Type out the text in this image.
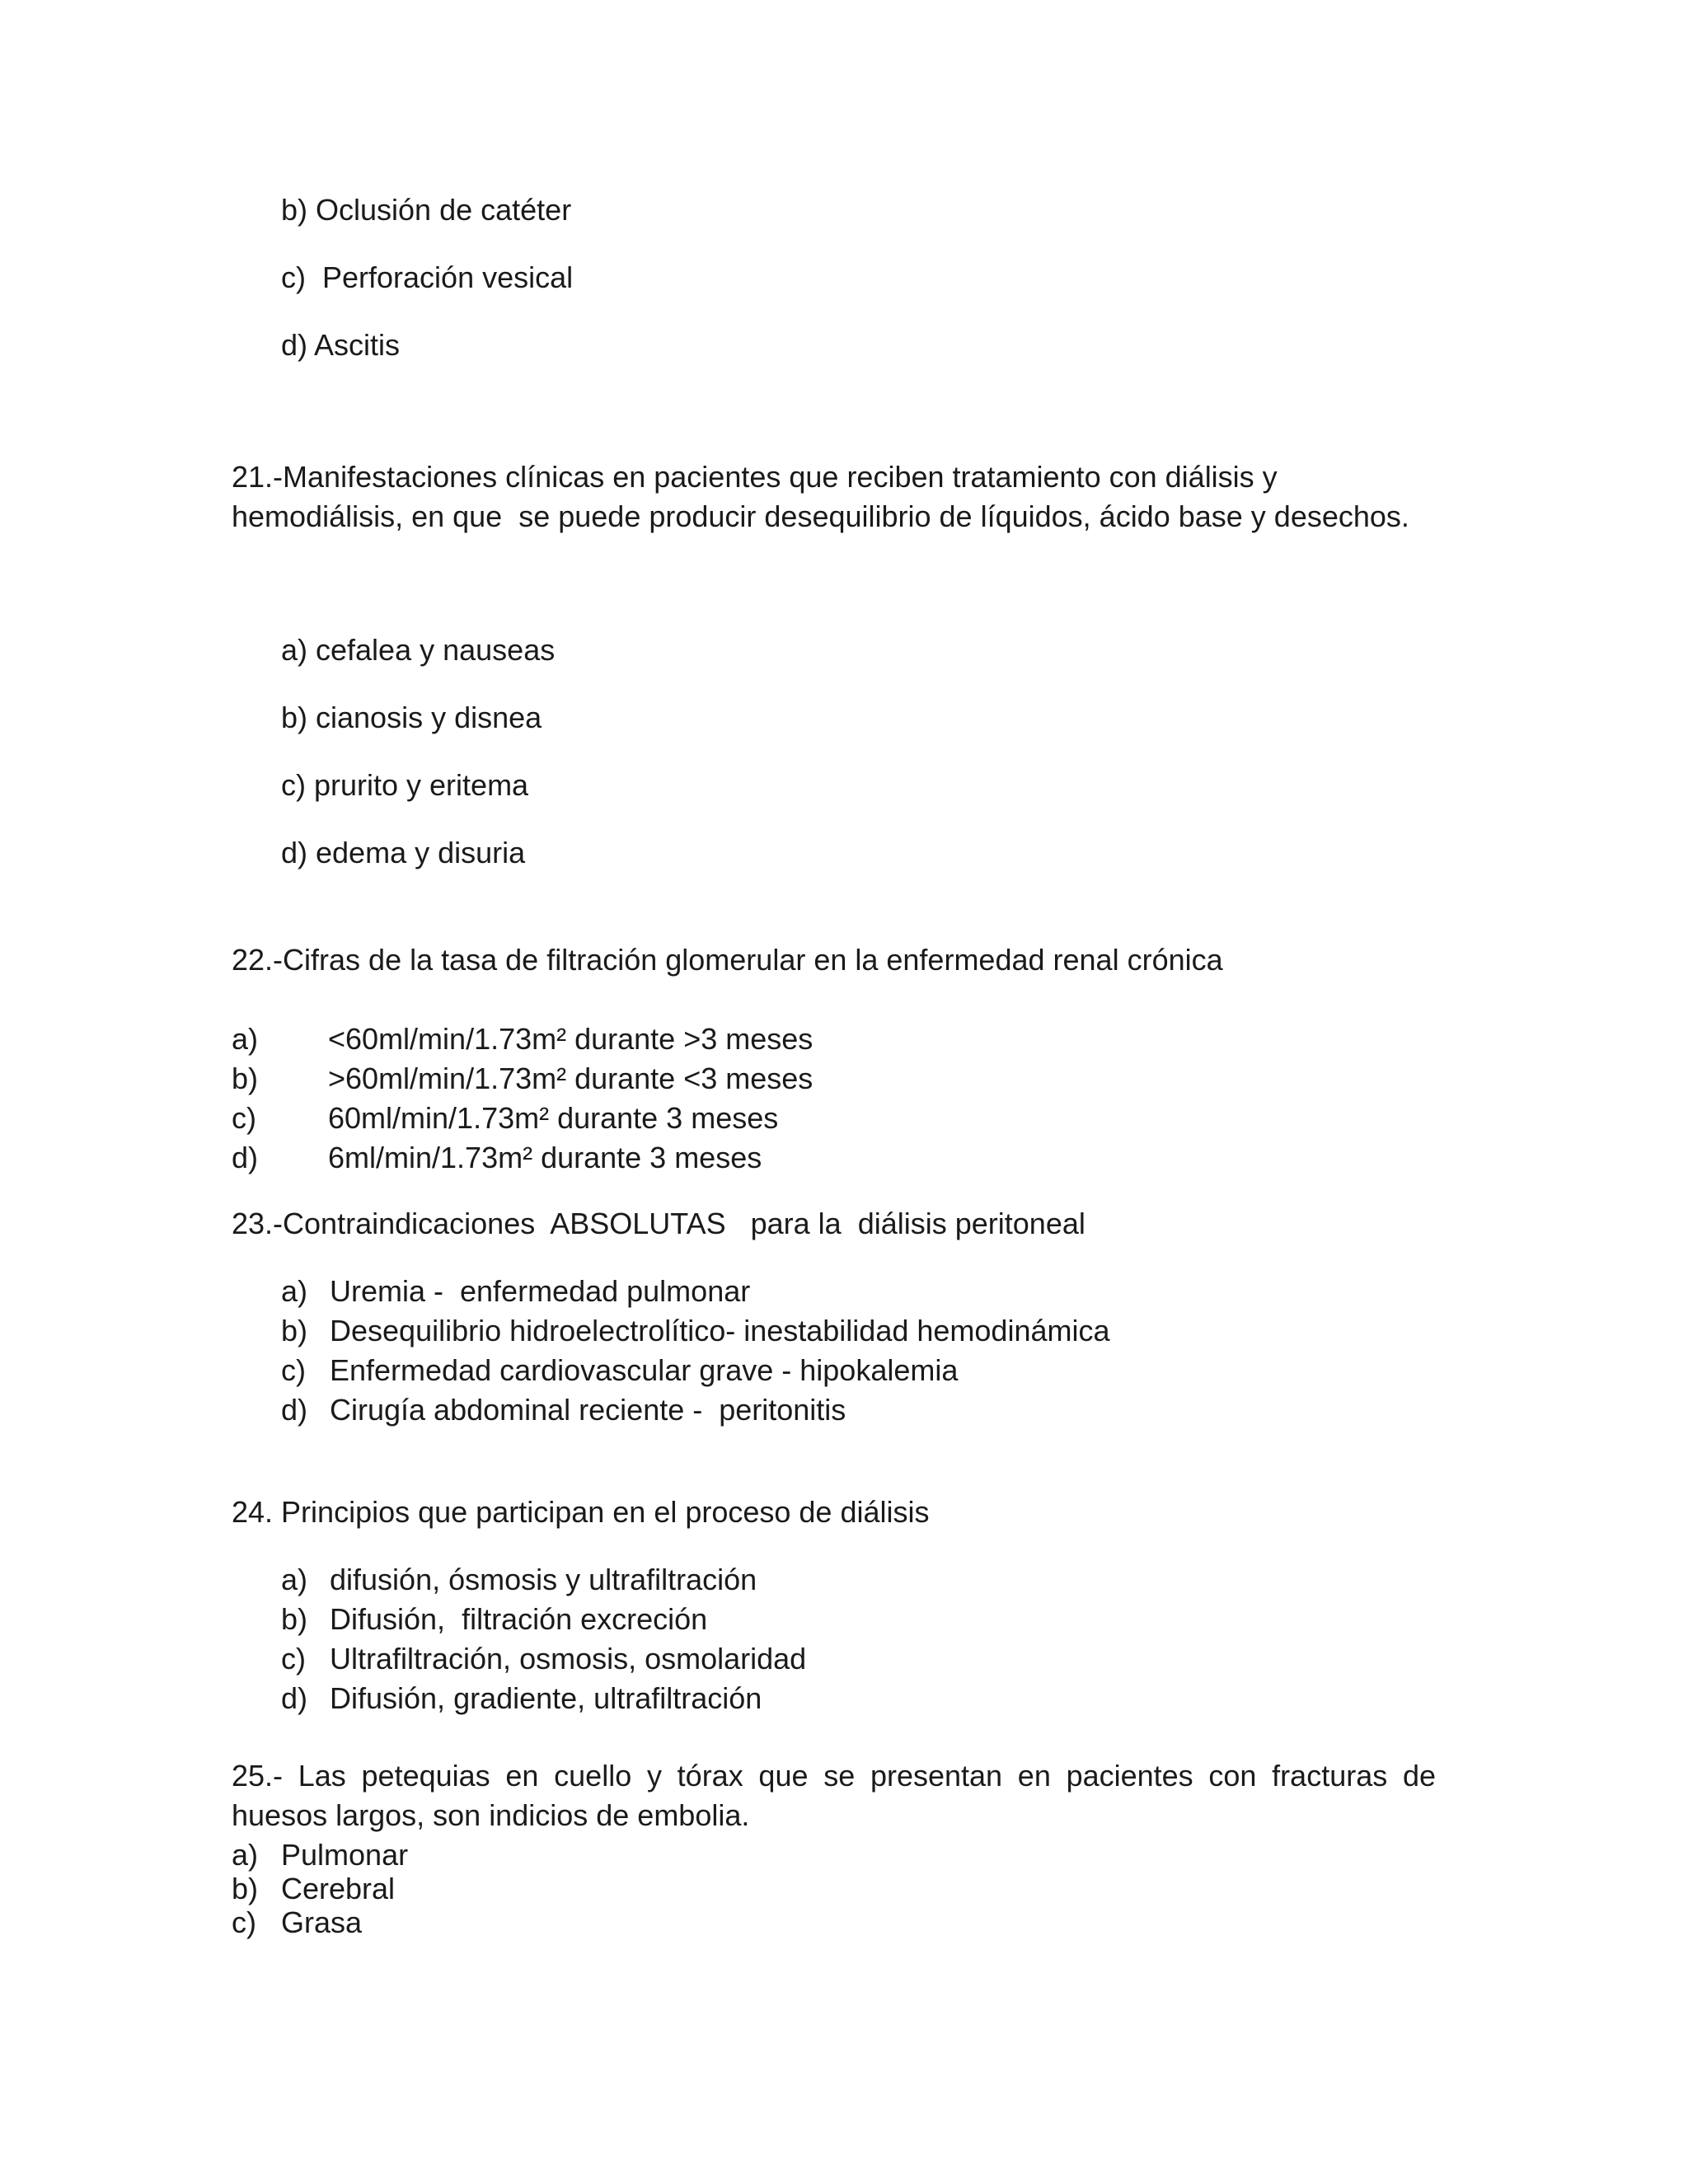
b) Oclusión de catéter
c)  Perforación vesical
d) Ascitis
21.-Manifestaciones clínicas en pacientes que reciben tratamiento con diálisis y
hemodiálisis, en que  se puede producir desequilibrio de líquidos, ácido base y desechos.
a) cefalea y nauseas
b) cianosis y disnea
c) prurito y eritema
d) edema y disuria
22.-Cifras de la tasa de filtración glomerular en la enfermedad renal crónica
a) <60ml/min/1.73m² durante >3 meses
b) >60ml/min/1.73m² durante <3 meses
c) 60ml/min/1.73m² durante 3 meses
d) 6ml/min/1.73m² durante 3 meses
23.-Contraindicaciones  ABSOLUTAS   para la  diálisis peritoneal
a) Uremia -  enfermedad pulmonar
b) Desequilibrio hidroelectrolítico- inestabilidad hemodinámica
c) Enfermedad cardiovascular grave - hipokalemia
d) Cirugía abdominal reciente -  peritonitis
24. Principios que participan en el proceso de diálisis
a) difusión, ósmosis y ultrafiltración
b) Difusión,  filtración excreción
c) Ultrafiltración, osmosis, osmolaridad
d) Difusión, gradiente, ultrafiltración
25.- Las petequias en cuello y tórax que se presentan en pacientes con fracturas de
huesos largos, son indicios de embolia.
a) Pulmonar
b) Cerebral
c) Grasa
